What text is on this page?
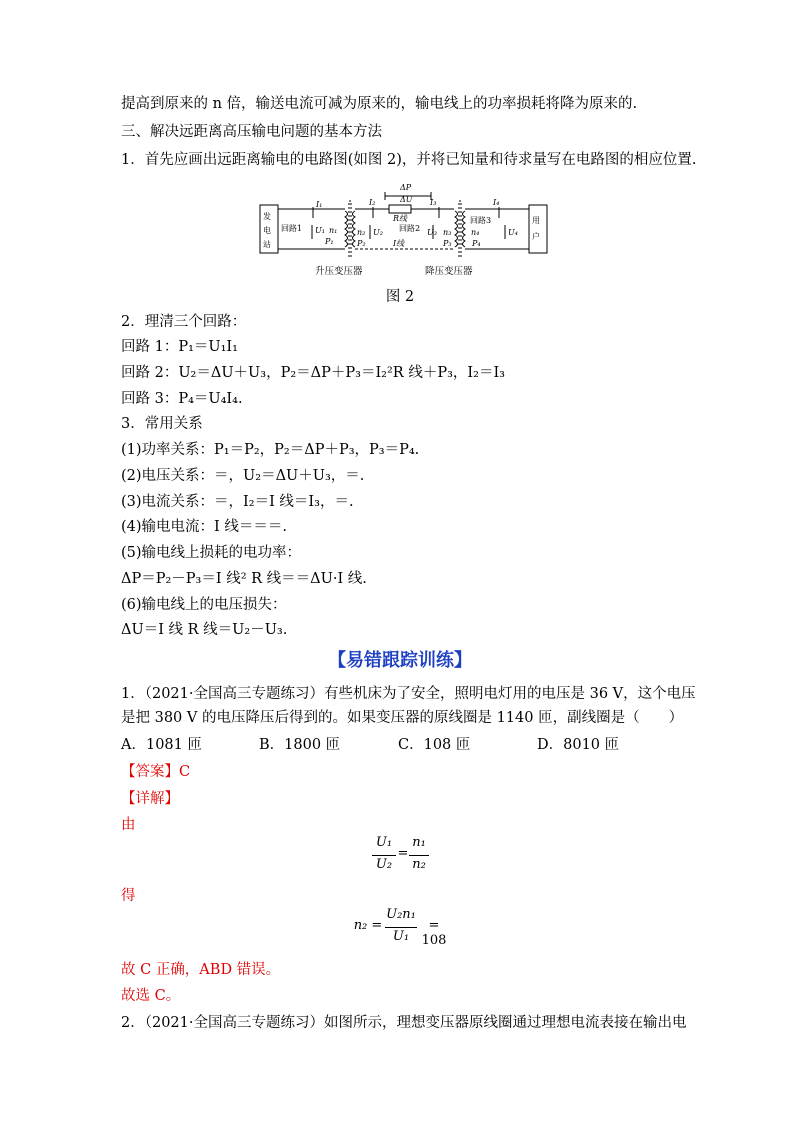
提高到原来的 n 倍，输送电流可减为原来的，输电线上的功率损耗将降为原来的.
三、解决远距离高压输电问题的基本方法
1．首先应画出远距离输电的电路图(如图 2)，并将已知量和待求量写在电路图的相应位置.
发
电
站
用
户
回路1	回路2
回路3
I₁
U₁ n₁
P₁
I₂
n₂ U₂
P₂
ΔP
ΔU
R线
I线
I₃
U₃ n₃
P₃
I₄
n₄	U₄
P₄
升压变压器	降压变压器
图 2
2．理清三个回路：
回路 1：P₁＝U₁I₁
回路 2：U₂＝ΔU＋U₃，P₂＝ΔP＋P₃＝I₂²R 线＋P₃，I₂＝I₃
回路 3：P₄＝U₄I₄.
3．常用关系
(1)功率关系：P₁＝P₂，P₂＝ΔP＋P₃，P₃＝P₄.
(2)电压关系：＝，U₂＝ΔU＋U₃，＝.
(3)电流关系：＝，I₂＝I 线＝I₃，＝.
(4)输电电流：I 线＝＝＝.
(5)输电线上损耗的电功率：
ΔP＝P₂－P₃＝I 线² R 线＝＝ΔU·I 线.
(6)输电线上的电压损失：
ΔU＝I 线 R 线＝U₂－U₃.
【易错跟踪训练】
1．（2021·全国高三专题练习）有些机床为了安全，照明电灯用的电压是 36 V，这个电压
是把 380 V 的电压降压后得到的。如果变压器的原线圈是 1140 匝，副线圈是（　　）
A．1081 匝	B．1800 匝	C．108 匝	D．8010 匝
【答案】C
【详解】
由
U₁
U₂
=
n₁
n₂
得
n₂ =
U₂n₁
U₁
= 108
故 C 正确，ABD 错误。
故选 C。
2．（2021·全国高三专题练习）如图所示，理想变压器原线圈通过理想电流表接在输出电
